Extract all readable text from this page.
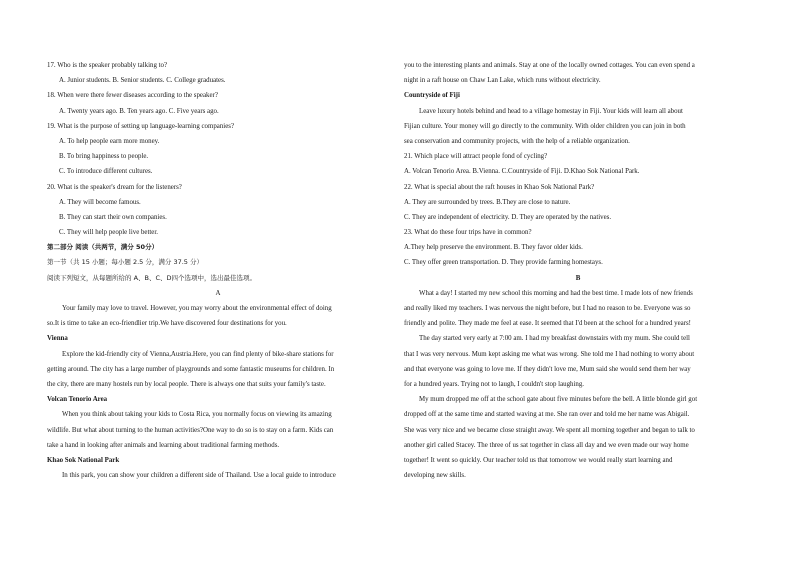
17. Who is the speaker probably talking to?
A. Junior students. B. Senior students. C. College graduates.
18. When were there fewer diseases according to the speaker?
A. Twenty years ago. B. Ten years ago. C. Five years ago.
19. What is the purpose of setting up language-learning companies?
A. To help people earn more money.
B. To bring happiness to people.
C. To introduce different cultures.
20. What is the speaker's dream for the listeners?
A. They will become famous.
B. They can start their own companies.
C. They will help people live better.
第二部分 阅读（共两节，满分 50分）
第一节（共 15 小题；每小题 2.5 分，满分 37.5 分）
阅读下列短文，从每题所给的 A、B、C、D四个选项中，选出最佳选项。
A
Your family may love to travel. However, you may worry about the environmental effect of doing
so.It is time to take an eco-friendlier trip.We have discovered four destinations for you.
Vienna
Explore the kid-friendly city of Vienna,Austria.Here, you can find plenty of bike-share stations for
getting around. The city has a large number of playgrounds and some fantastic museums for children. In
the city, there are many hostels run by local people. There is always one that suits your family's taste.
Volcan Tenorio Area
When you think about taking your kids to Costa Rica, you normally focus on viewing its amazing
wildlife. But what about turning to the human activities?One way to do so is to stay on a farm. Kids can
take a hand in looking after animals and learning about traditional farming methods.
Khao Sok National Park
In this park, you can show your children a different side of Thailand. Use a local guide to introduce
you to the interesting plants and animals. Stay at one of the locally owned cottages. You can even spend a
night in a raft house on Chaw Lan Lake, which runs without electricity.
Countryside of Fiji
Leave luxury hotels behind and head to a village homestay in Fiji. Your kids will learn all about
Fijian culture. Your money will go directly to the community. With older children you can join in both
sea conservation and community projects, with the help of a reliable organization.
21. Which place will attract people fond of cycling?
A. Volcan Tenorio Area. B.Vienna. C.Countryside of Fiji. D.Khao Sok National Park.
22. What is special about the raft houses in Khao Sok National Park?
A. They are surrounded by trees. B.They are close to nature.
C. They are independent of electricity. D. They are operated by the natives.
23. What do these four trips have in common?
A.They help preserve the environment. B. They favor older kids.
C. They offer green transportation. D. They provide farming homestays.
B
What a day! I started my new school this morning and had the best time. I made lots of new friends
and really liked my teachers. I was nervous the night before, but I had no reason to be. Everyone was so
friendly and polite. They made me feel at ease. It seemed that I'd been at the school for a hundred years!
The day started very early at 7:00 am. I had my breakfast downstairs with my mum. She could tell
that I was very nervous. Mum kept asking me what was wrong. She told me I had nothing to worry about
and that everyone was going to love me. If they didn't love me, Mum said she would send them her way
for a hundred years. Trying not to laugh, I couldn't stop laughing.
My mum dropped me off at the school gate about five minutes before the bell. A little blonde girl got
dropped off at the same time and started waving at me. She ran over and told me her name was Abigail.
She was very nice and we became close straight away. We spent all morning together and began to talk to
another girl called Stacey. The three of us sat together in class all day and we even made our way home
together! It went so quickly. Our teacher told us that tomorrow we would really start learning and
developing new skills.
